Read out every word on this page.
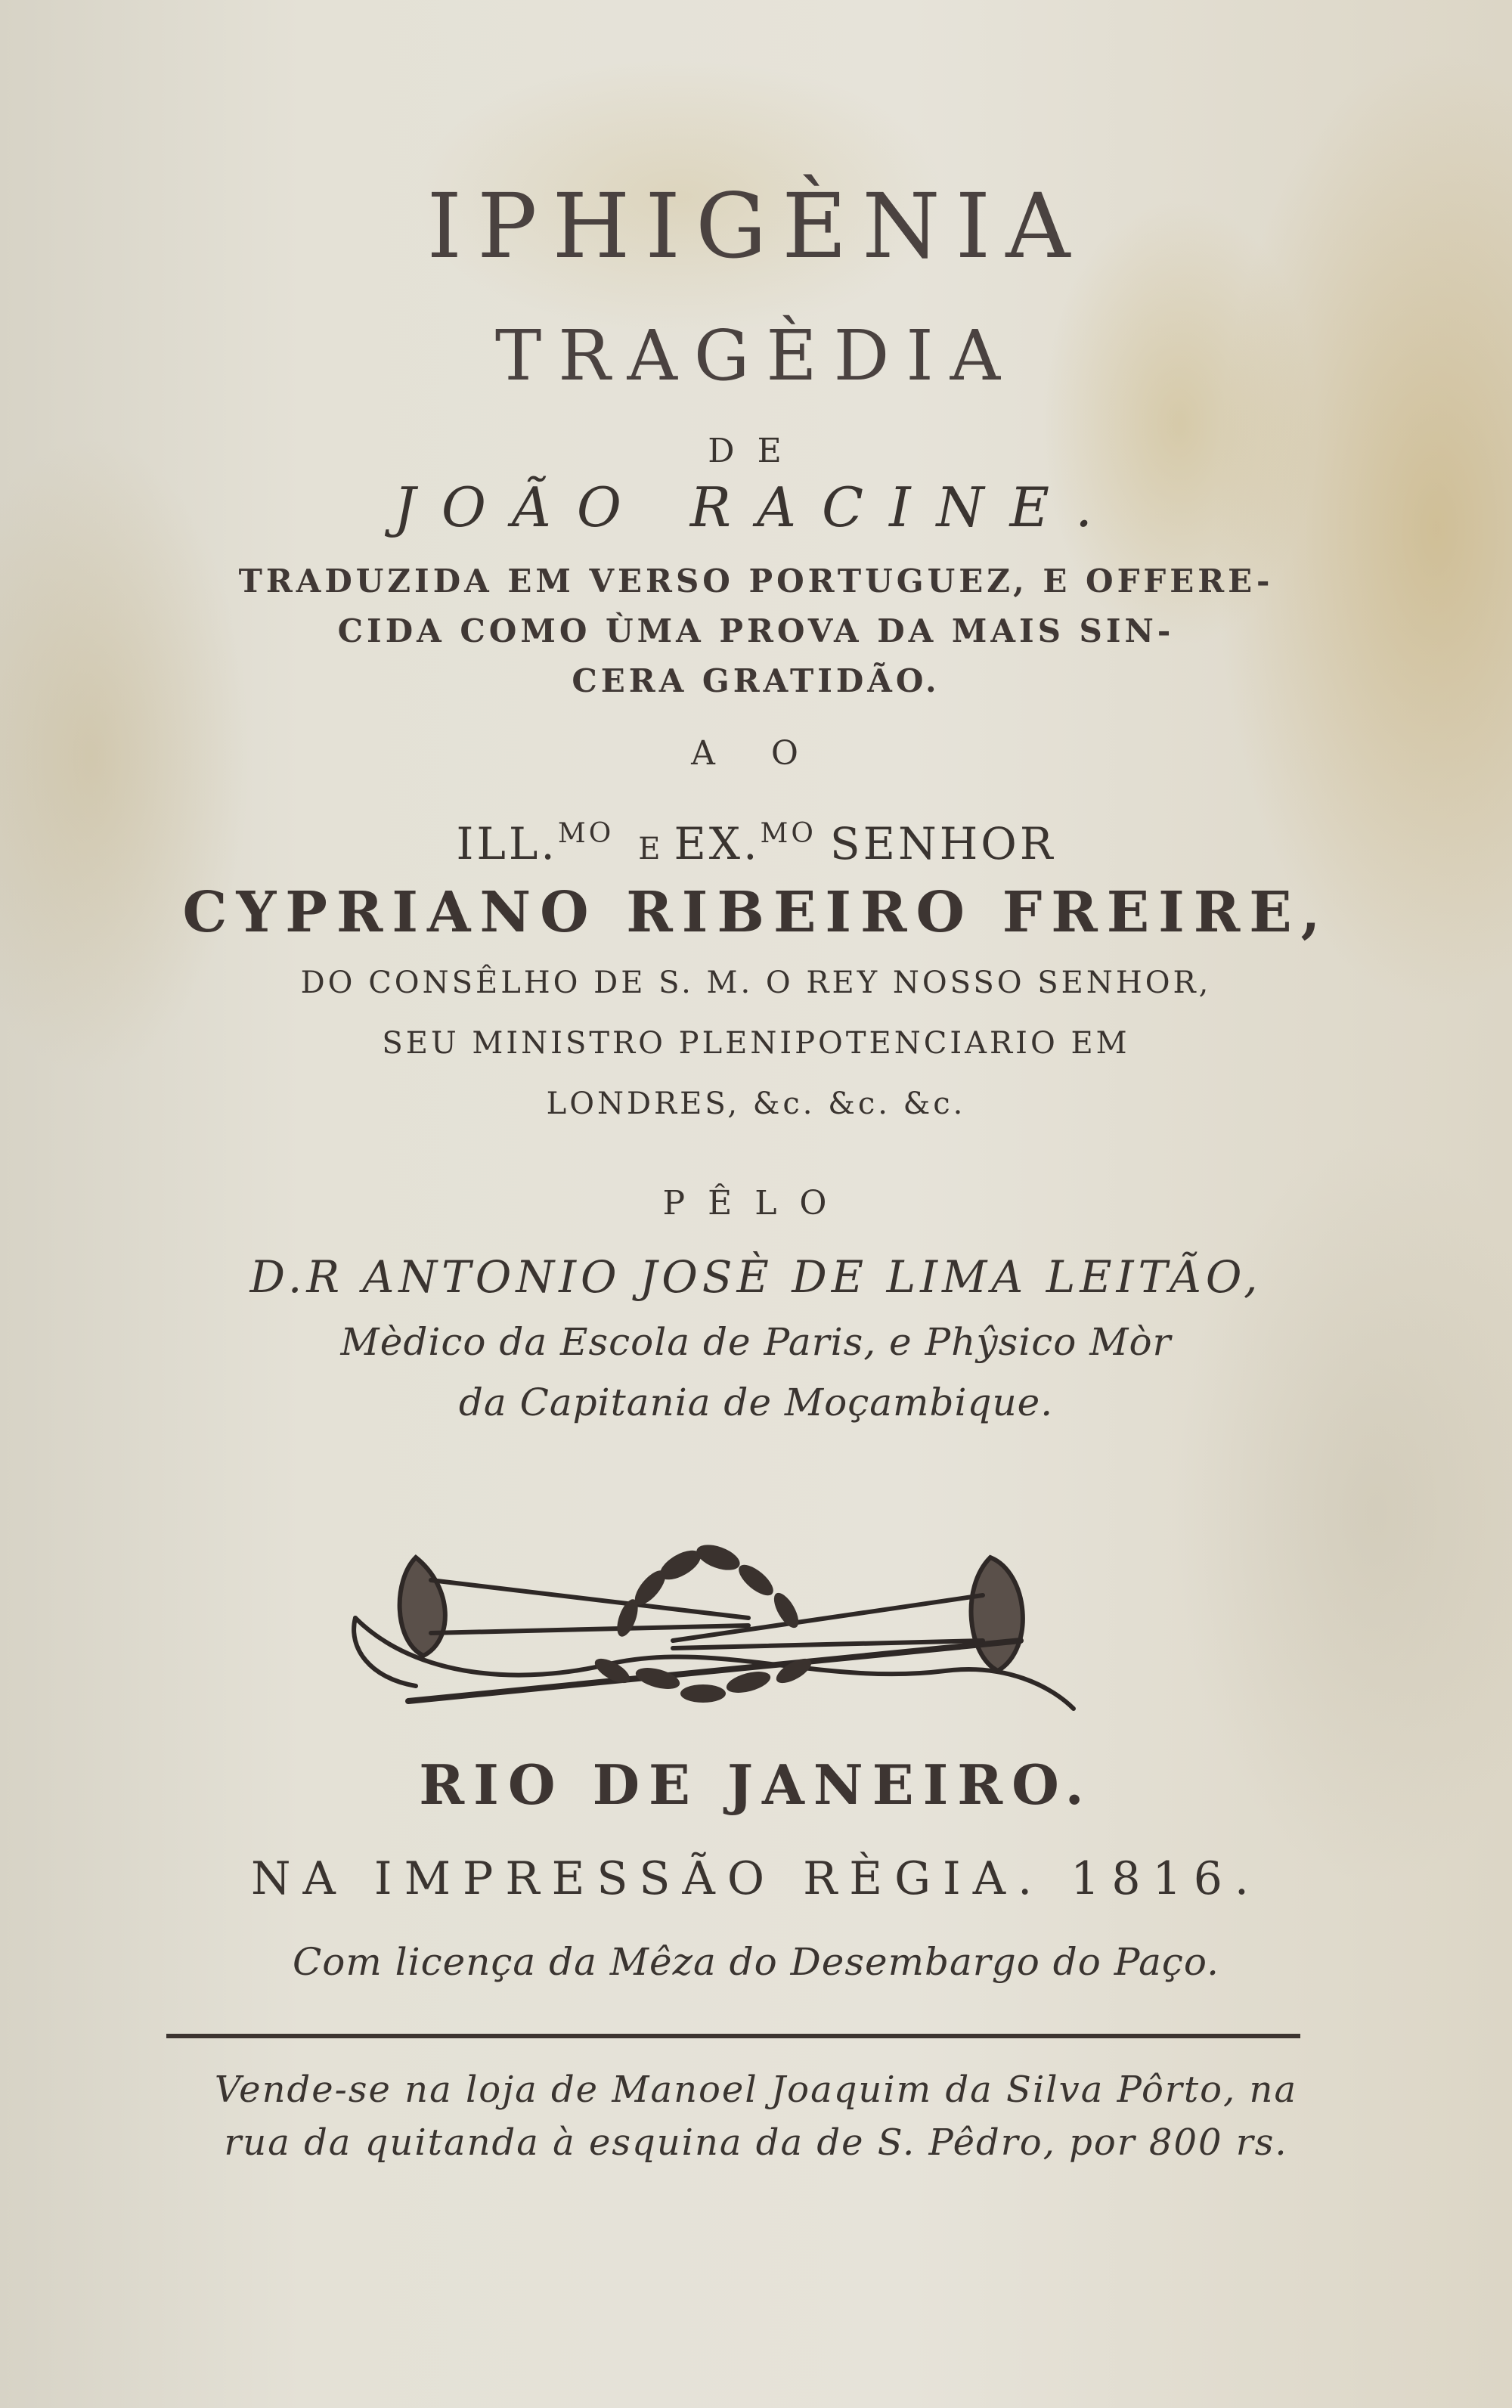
IPHIGÈNIA
TRAGÈDIA
DE
JOÃO RACINE.
TRADUZIDA EM VERSO PORTUGUEZ, E OFFERE-
CIDA COMO ÙMA PROVA DA MAIS SIN-
CERA GRATIDÃO.
A O
ILL.$^{MO}$ E EX.$^{MO}$ SENHOR
CYPRIANO RIBEIRO FREIRE,
DO CONSÊLHO DE S. M. O REY NOSSO SENHOR,
SEU MINISTRO PLENIPOTENCIARIO EM
LONDRES, &c. &c. &c.
PÊLO
D.R ANTONIO JOSÈ DE LIMA LEITÃO,
Mèdico da Escola de Paris, e Phŷsico Mòr
da Capitania de Moçambique.
RIO DE JANEIRO.
NA IMPRESSÃO RÈGIA. 1816.
Com licença da Mêza do Desembargo do Paço.
Vende-se na loja de Manoel Joaquim da Silva Pôrto, na
rua da quitanda à esquina da de S. Pêdro, por 800 rs.
